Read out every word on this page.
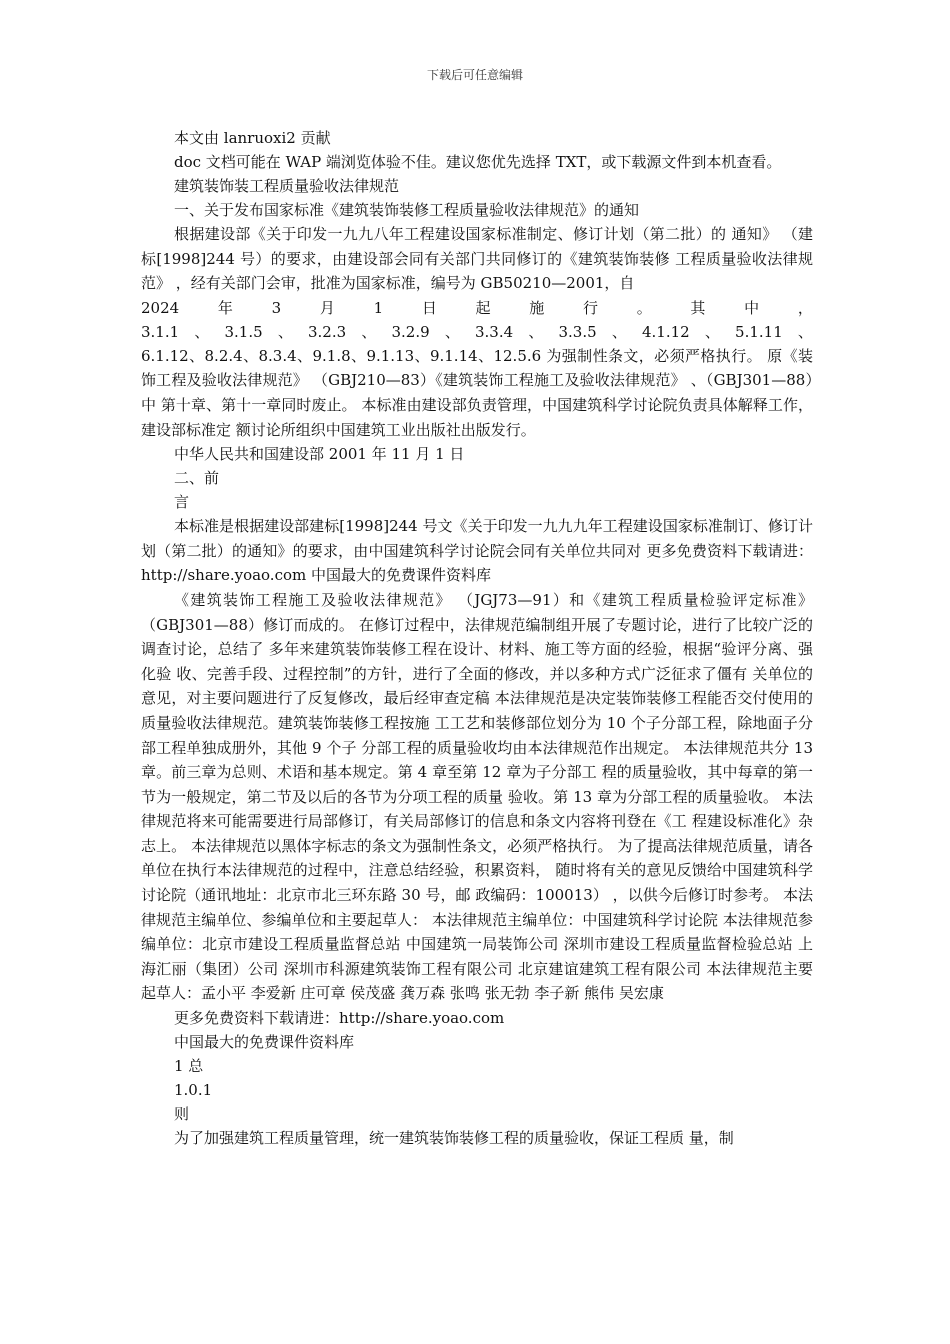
下载后可任意编辑
本文由 lanruoxi2 贡献
doc 文档可能在 WAP 端浏览体验不佳。建议您优先选择 TXT，或下载源文件到本机查看。
建筑装饰装工程质量验收法律规范
一、关于发布国家标准《建筑装饰装修工程质量验收法律规范》的通知
根据建设部《关于印发一九九八年工程建设国家标准制定、修订计划（第二批）的 通知》 （建标[1998]244 号）的要求，由建设部会同有关部门共同修订的《建筑装饰装修 工程质量验收法律规范》 ，经有关部门会审，批准为国家标准，编号为 GB50210—2001，自
2024	年	3	月	1	日	起	施	行	。	其	中	，
3.1.1 、 3.1.5 、 3.2.3 、 3.2.9 、 3.3.4 、 3.3.5 、 4.1.12 、 5.1.11 、
6.1.12、8.2.4、8.3.4、9.1.8、9.1.13、9.1.14、12.5.6 为强制性条文，必须严格执行。 原《装 饰工程及验收法律规范》 （GBJ210—83）《建筑装饰工程施工及验收法律规范》 、（GBJ301—88）中 第十章、第十一章同时废止。 本标准由建设部负责管理，中国建筑科学讨论院负责具体解释工作，建设部标准定 额讨论所组织中国建筑工业出版社出版发行。
中华人民共和国建设部 2001 年 11 月 1 日
二、前
言
本标准是根据建设部建标[1998]244 号文《关于印发一九九九年工程建设国家标准制订、修订计划（第二批）的通知》的要求，由中国建筑科学讨论院会同有关单位共同对 更多免费资料下载请进：http://share.yoao.com 中国最大的免费课件资料库
《建筑装饰工程施工及验收法律规范》 （JGJ73—91）和《建筑工程质量检验评定标准》 （GBJ301—88）修订而成的。 在修订过程中，法律规范编制组开展了专题讨论，进行了比较广泛的调查讨论，总结了 多年来建筑装饰装修工程在设计、材料、施工等方面的经验，根据“验评分离、强化验 收、完善手段、过程控制”的方针，进行了全面的修改，并以多种方式广泛征求了僵有 关单位的意见，对主要问题进行了反复修改，最后经审查定稿 本法律规范是决定装饰装修工程能否交付使用的质量验收法律规范。建筑装饰装修工程按施 工工艺和装修部位划分为 10 个子分部工程，除地面子分部工程单独成册外，其他 9 个子 分部工程的质量验收均由本法律规范作出规定。 本法律规范共分 13 章。前三章为总则、术语和基本规定。第 4 章至第 12 章为子分部工 程的质量验收，其中每章的第一节为一般规定，第二节及以后的各节为分项工程的质量 验收。第 13 章为分部工程的质量验收。 本法律规范将来可能需要进行局部修订，有关局部修订的信息和条文内容将刊登在《工 程建设标准化》杂志上。 本法律规范以黑体字标志的条文为强制性条文，必须严格执行。 为了提高法律规范质量，请各单位在执行本法律规范的过程中，注意总结经验，积累资料， 随时将有关的意见反馈给中国建筑科学讨论院（通讯地址：北京市北三环东路 30 号，邮 政编码：100013） ，以供今后修订时参考。 本法律规范主编单位、参编单位和主要起草人： 本法律规范主编单位：中国建筑科学讨论院 本法律规范参编单位：北京市建设工程质量监督总站 中国建筑一局装饰公司 深圳市建设工程质量监督检验总站 上海汇丽（集团）公司 深圳市科源建筑装饰工程有限公司 北京建谊建筑工程有限公司 本法律规范主要起草人：孟小平 李爱新 庄可章 侯茂盛 龚万森 张鸣 张无勃 李子新 熊伟 吴宏康
更多免费资料下载请进：http://share.yoao.com
中国最大的免费课件资料库
1 总
1.0.1
则
为了加强建筑工程质量管理，统一建筑装饰装修工程的质量验收，保证工程质 量，制
